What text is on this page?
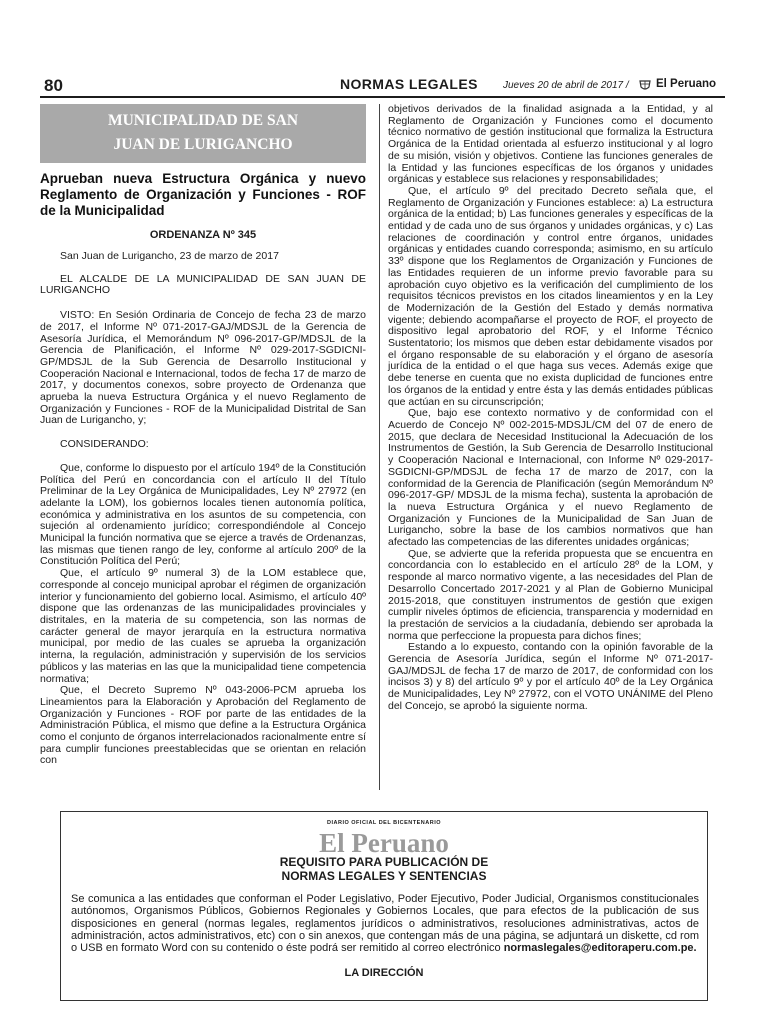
80	NORMAS LEGALES	Jueves 20 de abril de 2017 / El Peruano
MUNICIPALIDAD DE SAN
JUAN DE LURIGANCHO
Aprueban nueva Estructura Orgánica y nuevo Reglamento de Organización y Funciones - ROF de la Municipalidad
ORDENANZA Nº 345

San Juan de Lurigancho, 23 de marzo de 2017

EL ALCALDE DE LA MUNICIPALIDAD DE SAN JUAN DE LURIGANCHO

VISTO: En Sesión Ordinaria de Concejo de fecha 23 de marzo de 2017, el Informe Nº 071-2017-GAJ/MDSJL de la Gerencia de Asesoría Jurídica, el Memorándum Nº 096-2017-GP/MDSJL de la Gerencia de Planificación, el Informe Nº 029-2017-SGDICNI-GP/MDSJL de la Sub Gerencia de Desarrollo Institucional y Cooperación Nacional e Internacional, todos de fecha 17 de marzo de 2017, y documentos conexos, sobre proyecto de Ordenanza que aprueba la nueva Estructura Orgánica y el nuevo Reglamento de Organización y Funciones - ROF de la Municipalidad Distrital de San Juan de Lurigancho, y;

CONSIDERANDO:

Que, conforme lo dispuesto por el artículo 194º de la Constitución Política del Perú en concordancia con el artículo II del Título Preliminar de la Ley Orgánica de Municipalidades, Ley Nº 27972 (en adelante la LOM), los gobiernos locales tienen autonomía política, económica y administrativa en los asuntos de su competencia, con sujeción al ordenamiento jurídico; correspondiéndole al Concejo Municipal la función normativa que se ejerce a través de Ordenanzas, las mismas que tienen rango de ley, conforme al artículo 200º de la Constitución Política del Perú;

Que, el artículo 9º numeral 3) de la LOM establece que, corresponde al concejo municipal aprobar el régimen de organización interior y funcionamiento del gobierno local. Asimismo, el artículo 40º dispone que las ordenanzas de las municipalidades provinciales y distritales, en la materia de su competencia, son las normas de carácter general de mayor jerarquía en la estructura normativa municipal, por medio de las cuales se aprueba la organización interna, la regulación, administración y supervisión de los servicios públicos y las materias en las que la municipalidad tiene competencia normativa;

Que, el Decreto Supremo Nº 043-2006-PCM aprueba los Lineamientos para la Elaboración y Aprobación del Reglamento de Organización y Funciones - ROF por parte de las entidades de la Administración Pública, el mismo que define a la Estructura Orgánica como el conjunto de órganos interrelacionados racionalmente entre sí para cumplir funciones preestablecidas que se orientan en relación con

objetivos derivados de la finalidad asignada a la Entidad, y al Reglamento de Organización y Funciones como el documento técnico normativo de gestión institucional que formaliza la Estructura Orgánica de la Entidad orientada al esfuerzo institucional y al logro de su misión, visión y objetivos. Contiene las funciones generales de la Entidad y las funciones específicas de los órganos y unidades orgánicas y establece sus relaciones y responsabilidades;

Que, el artículo 9º del precitado Decreto señala que, el Reglamento de Organización y Funciones establece: a) La estructura orgánica de la entidad; b) Las funciones generales y específicas de la entidad y de cada uno de sus órganos y unidades orgánicas, y c) Las relaciones de coordinación y control entre órganos, unidades orgánicas y entidades cuando corresponda; asimismo, en su artículo 33º dispone que los Reglamentos de Organización y Funciones de las Entidades requieren de un informe previo favorable para su aprobación cuyo objetivo es la verificación del cumplimiento de los requisitos técnicos previstos en los citados lineamientos y en la Ley de Modernización de la Gestión del Estado y demás normativa vigente; debiendo acompañarse el proyecto de ROF, el proyecto de dispositivo legal aprobatorio del ROF, y el Informe Técnico Sustentatorio; los mismos que deben estar debidamente visados por el órgano responsable de su elaboración y el órgano de asesoría jurídica de la entidad o el que haga sus veces. Además exige que debe tenerse en cuenta que no exista duplicidad de funciones entre los órganos de la entidad y entre ésta y las demás entidades públicas que actúan en su circunscripción;

Que, bajo ese contexto normativo y de conformidad con el Acuerdo de Concejo Nº 002-2015-MDSJL/CM del 07 de enero de 2015, que declara de Necesidad Institucional la Adecuación de los Instrumentos de Gestión, la Sub Gerencia de Desarrollo Institucional y Cooperación Nacional e Internacional, con Informe Nº 029-2017-SGDICNI-GP/MDSJL de fecha 17 de marzo de 2017, con la conformidad de la Gerencia de Planificación (según Memorándum Nº 096-2017-GP/ MDSJL de la misma fecha), sustenta la aprobación de la nueva Estructura Orgánica y el nuevo Reglamento de Organización y Funciones de la Municipalidad de San Juan de Lurigancho, sobre la base de los cambios normativos que han afectado las competencias de las diferentes unidades orgánicas;

Que, se advierte que la referida propuesta que se encuentra en concordancia con lo establecido en el artículo 28º de la LOM, y responde al marco normativo vigente, a las necesidades del Plan de Desarrollo Concertado 2017-2021 y al Plan de Gobierno Municipal 2015-2018, que constituyen instrumentos de gestión que exigen cumplir niveles óptimos de eficiencia, transparencia y modernidad en la prestación de servicios a la ciudadanía, debiendo ser aprobada la norma que perfeccione la propuesta para dichos fines;

Estando a lo expuesto, contando con la opinión favorable de la Gerencia de Asesoría Jurídica, según el Informe Nº 071-2017-GAJ/MDSJL de fecha 17 de marzo de 2017, de conformidad con los incisos 3) y 8) del artículo 9º y por el artículo 40º de la Ley Orgánica de Municipalidades, Ley Nº 27972, con el VOTO UNÁNIME del Pleno del Concejo, se aprobó la siguiente norma.

DIARIO OFICIAL DEL BICENTENARIO
El Peruano
REQUISITO PARA PUBLICACIÓN DE
NORMAS LEGALES Y SENTENCIAS
Se comunica a las entidades que conforman el Poder Legislativo, Poder Ejecutivo, Poder Judicial, Organismos constitucionales autónomos, Organismos Públicos, Gobiernos Regionales y Gobiernos Locales, que para efectos de la publicación de sus disposiciones en general (normas legales, reglamentos jurídicos o administrativos, resoluciones administrativas, actos de administración, actos administrativos, etc) con o sin anexos, que contengan más de una página, se adjuntará un diskette, cd rom o USB en formato Word con su contenido o éste podrá ser remitido al correo electrónico normaslegales@editoraperu.com.pe.
LA DIRECCIÓN
